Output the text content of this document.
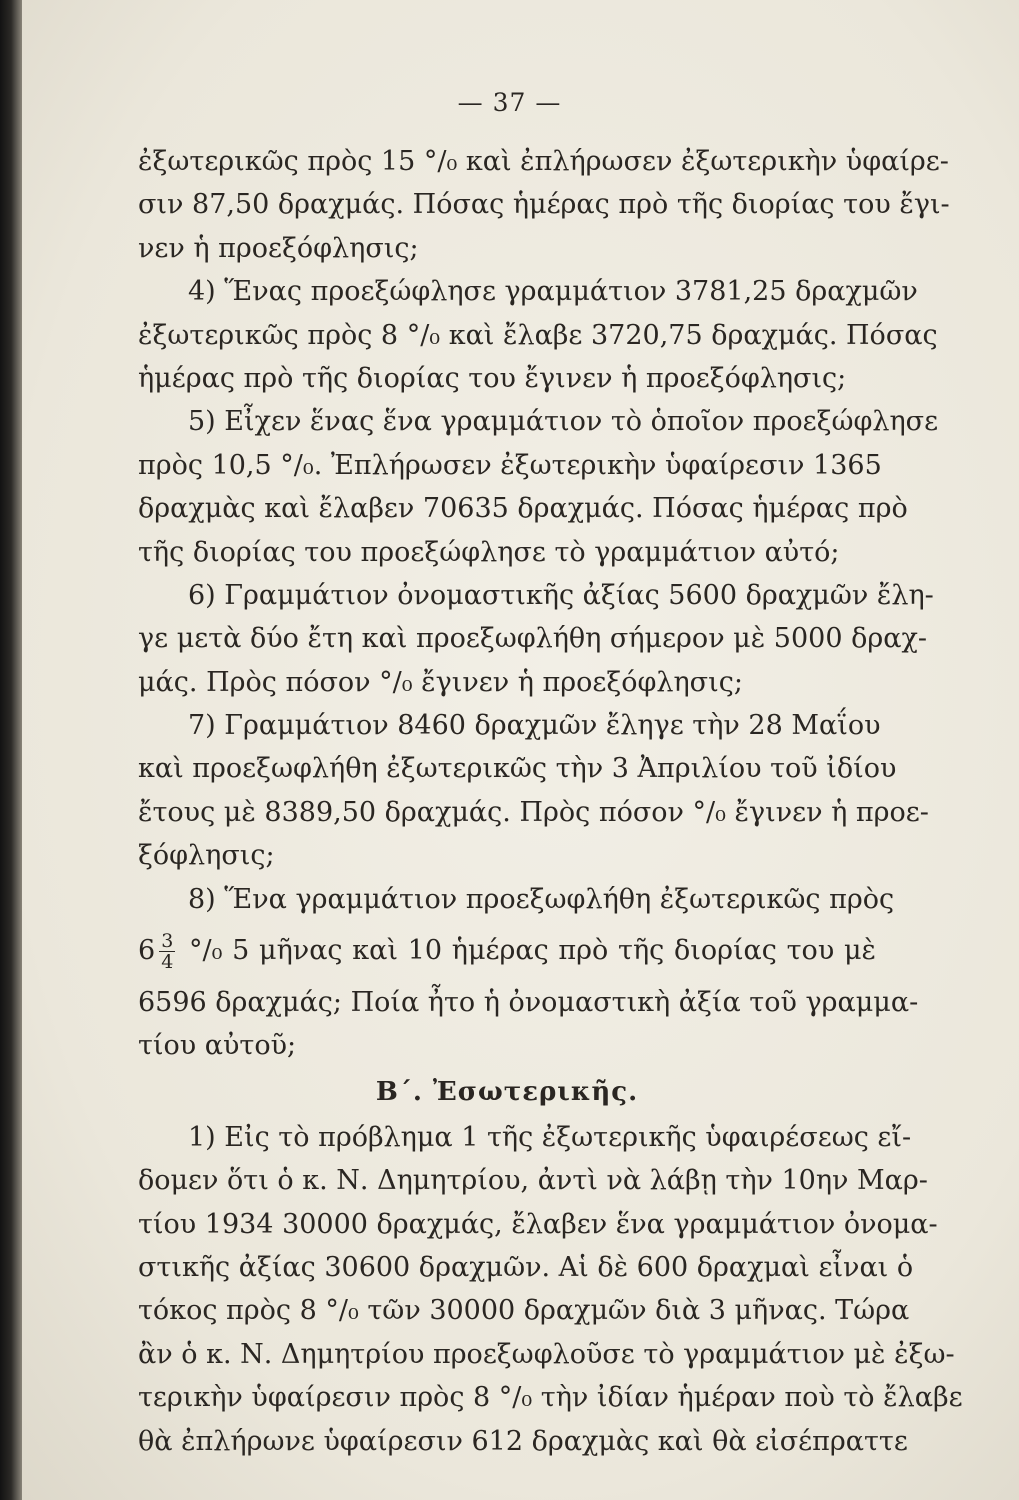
— 37 —
ἐξωτερικῶς πρὸς 15 °/₀ καὶ ἐπλήρωσεν ἐξωτερικὴν ὑφαίρε-
σιν 87,50 δραχμάς. Πόσας ἡμέρας πρὸ τῆς διορίας του ἔγι-
νεν ἡ προεξόφλησις;
4) Ἕνας προεξώφλησε γραμμάτιον 3781,25 δραχμῶν
ἐξωτερικῶς πρὸς 8 °/₀ καὶ ἔλαβε 3720,75 δραχμάς. Πόσας
ἡμέρας πρὸ τῆς διορίας του ἔγινεν ἡ προεξόφλησις;
5) Εἶχεν ἕνας ἕνα γραμμάτιον τὸ ὁποῖον προεξώφλησε
πρὸς 10,5 °/₀. Ἐπλήρωσεν ἐξωτερικὴν ὑφαίρεσιν 1365
δραχμὰς καὶ ἔλαβεν 70635 δραχμάς. Πόσας ἡμέρας πρὸ
τῆς διορίας του προεξώφλησε τὸ γραμμάτιον αὐτό;
6) Γραμμάτιον ὀνομαστικῆς ἀξίας 5600 δραχμῶν ἔλη-
γε μετὰ δύο ἔτη καὶ προεξωφλήθη σήμερον μὲ 5000 δραχ-
μάς. Πρὸς πόσον °/₀ ἔγινεν ἡ προεξόφλησις;
7) Γραμμάτιον 8460 δραχμῶν ἔληγε τὴν 28 Μαΐου
καὶ προεξωφλήθη ἐξωτερικῶς τὴν 3 Ἀπριλίου τοῦ ἰδίου
ἔτους μὲ 8389,50 δραχμάς. Πρὸς πόσον °/₀ ἔγινεν ἡ προε-
ξόφλησις;
8) Ἕνα γραμμάτιον προεξωφλήθη ἐξωτερικῶς πρὸς
$6 \frac{3}{4} ^\circ/_0$ 5 μῆνας καὶ 10 ἡμέρας πρὸ τῆς διορίας του μὲ
6596 δραχμάς; Ποία ἦτο ἡ ὀνομαστικὴ ἀξία τοῦ γραμμα-
τίου αὐτοῦ;
Β΄. Ἐσωτερικῆς.
1) Εἰς τὸ πρόβλημα 1 τῆς ἐξωτερικῆς ὑφαιρέσεως εἴ-
δομεν ὅτι ὁ κ. Ν. Δημητρίου, ἀντὶ νὰ λάβῃ τὴν 10ην Μαρ-
τίου 1934 30000 δραχμάς, ἔλαβεν ἕνα γραμμάτιον ὀνομα-
στικῆς ἀξίας 30600 δραχμῶν. Αἱ δὲ 600 δραχμαὶ εἶναι ὁ
τόκος πρὸς 8 °/₀ τῶν 30000 δραχμῶν διὰ 3 μῆνας. Τώρα
ἂν ὁ κ. Ν. Δημητρίου προεξωφλοῦσε τὸ γραμμάτιον μὲ ἐξω-
τερικὴν ὑφαίρεσιν πρὸς 8 °/₀ τὴν ἰδίαν ἡμέραν ποὺ τὸ ἔλαβε
θὰ ἐπλήρωνε ὑφαίρεσιν 612 δραχμὰς καὶ θὰ εἰσέπραττε
